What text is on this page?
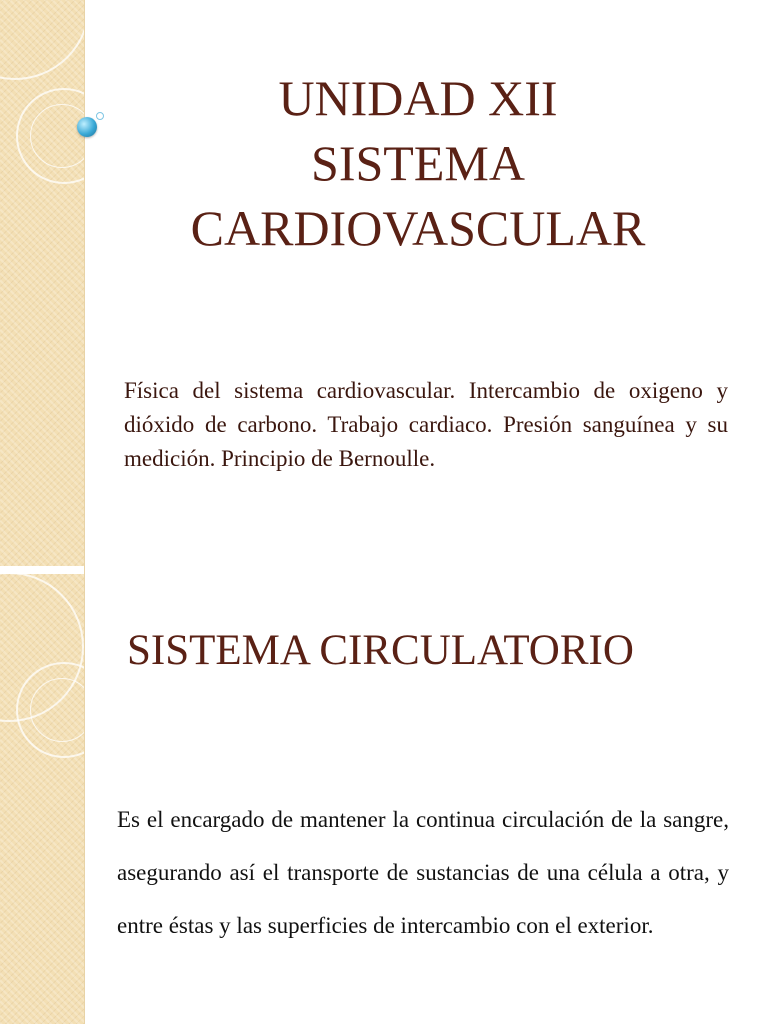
UNIDAD XII
SISTEMA
CARDIOVASCULAR

Física del sistema cardiovascular. Intercambio de oxigeno y dióxido de carbono. Trabajo cardiaco. Presión sanguínea y su medición. Principio de Bernoulle.

SISTEMA CIRCULATORIO

Es el encargado de mantener la continua circulación de la sangre, asegurando así el transporte de sustancias de una célula a otra, y entre éstas y las superficies de intercambio con el exterior.
